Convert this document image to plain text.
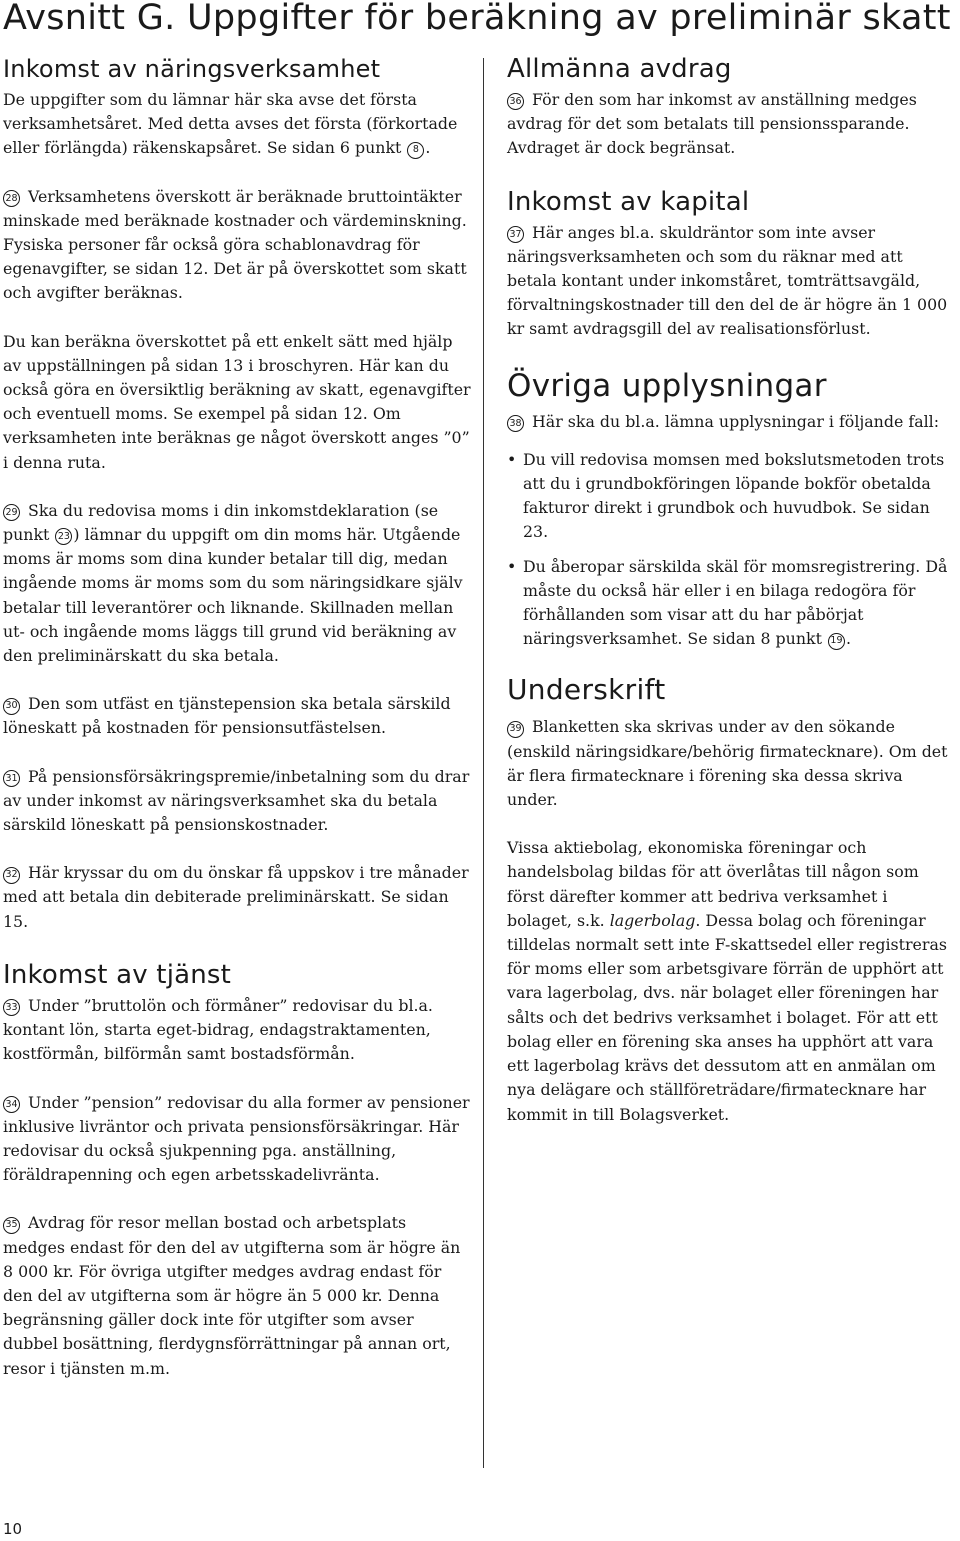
Avsnitt G. Uppgifter för beräkning av preliminär skatt
Inkomst av näringsverksamhet

De uppgifter som du lämnar här ska avse det första verksamhetsåret. Med detta avses det första (förkortade eller förlängda) räkenskapsåret. Se sidan 6 punkt 8 .

28 Verksamhetens överskott är beräknade bruttointäkter minskade med beräknade kostnader och värdeminskning. Fysiska personer får också göra schablonavdrag för egenavgifter, se sidan 12. Det är på överskottet som skatt och avgifter beräknas.

Du kan beräkna överskottet på ett enkelt sätt med hjälp av uppställningen på sidan 13 i broschyren. Här kan du också göra en översiktlig beräkning av skatt, egenavgifter och eventuell moms. Se exempel på sidan 12. Om verksamheten inte beräknas ge något överskott anges ”0” i denna ruta.

29 Ska du redovisa moms i din inkomstdeklaration (se punkt 23 ) lämnar du uppgift om din moms här. Utgående moms är moms som dina kunder betalar till dig, medan ingående moms är moms som du som näringsidkare själv betalar till leverantörer och liknande. Skillnaden mellan ut- och ingående moms läggs till grund vid beräkning av den preliminärskatt du ska betala.

30 Den som utfäst en tjänstepension ska betala särskild löneskatt på kostnaden för pensionsutfästelsen.

31 På pensionsförsäkringspremie/inbetalning som du drar av under inkomst av näringsverksamhet ska du betala särskild löneskatt på pensionskostnader.

32 Här kryssar du om du önskar få uppskov i tre månader med att betala din debiterade preliminärskatt. Se sidan 15.

Inkomst av tjänst

33 Under ”bruttolön och förmåner” redovisar du bl.a. kontant lön, starta eget-bidrag, endagstraktamenten, kostförmån, bilförmån samt bostadsförmån.

34 Under ”pension” redovisar du alla former av pensioner inklusive livräntor och privata pensionsförsäkringar. Här redovisar du också sjukpenning pga. anställning, föräldrapenning och egen arbetsskadelivränta.

35 Avdrag för resor mellan bostad och arbetsplats medges endast för den del av utgifterna som är högre än 8 000 kr. För övriga utgifter medges avdrag endast för den del av utgifterna som är högre än 5 000 kr. Denna begränsning gäller dock inte för utgifter som avser dubbel bosättning, flerdygnsförrättningar på annan ort, resor i tjänsten m.m.

Allmänna avdrag

36 För den som har inkomst av anställning medges avdrag för det som betalats till pensionssparande. Avdraget är dock begränsat.

Inkomst av kapital

37 Här anges bl.a. skuldräntor som inte avser näringsverksamheten och som du räknar med att betala kontant under inkomståret, tomträttsavgäld, förvaltningskostnader till den del de är högre än 1 000 kr samt avdragsgill del av realisationsförlust.

Övriga upplysningar

38 Här ska du bl.a. lämna upplysningar i följande fall:

• Du vill redovisa momsen med bokslutsmetoden trots att du i grundbokföringen löpande bokför obetalda fakturor direkt i grundbok och huvudbok. Se sidan 23.
• Du åberopar särskilda skäl för momsregistrering. Då måste du också här eller i en bilaga redogöra för förhållanden som visar att du har påbörjat näringsverksamhet. Se sidan 8 punkt 19 .
Underskrift

39 Blanketten ska skrivas under av den sökande (enskild näringsidkare/behörig firmatecknare). Om det är flera firmatecknare i förening ska dessa skriva under.

Vissa aktiebolag, ekonomiska föreningar och handelsbolag bildas för att överlåtas till någon som först därefter kommer att bedriva verksamhet i bolaget, s.k. lagerbolag. Dessa bolag och föreningar tilldelas normalt sett inte F-skattsedel eller registreras för moms eller som arbetsgivare förrän de upphört att vara lagerbolag, dvs. när bolaget eller föreningen har sålts och det bedrivs verksamhet i bolaget. För att ett bolag eller en förening ska anses ha upphört att vara ett lagerbolag krävs det dessutom att en anmälan om nya delägare och ställföreträdare/firmatecknare har kommit in till Bolagsverket.

10
